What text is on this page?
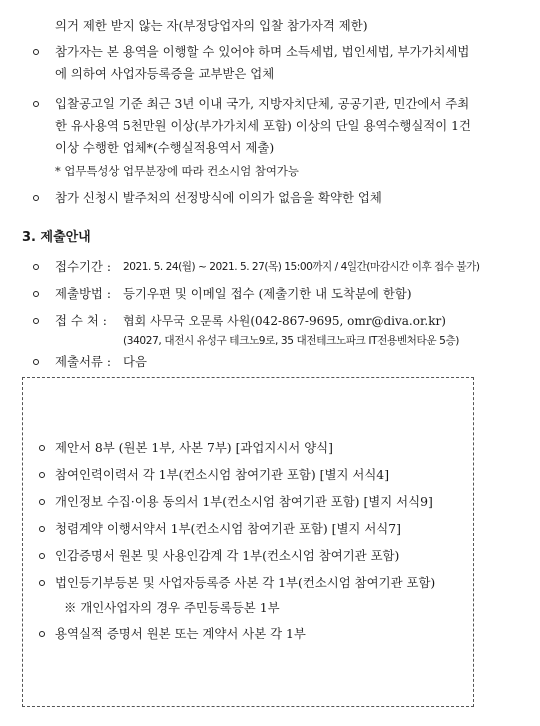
의거 제한 받지 않는 자(부정당업자의 입찰 참가자격 제한)
참가자는 본 용역을 이행할 수 있어야 하며 소득세법, 법인세법, 부가가치세법
에 의하여 사업자등록증을 교부받은 업체
입찰공고일 기준 최근 3년 이내 국가, 지방자치단체, 공공기관, 민간에서 주최
한 유사용역 5천만원 이상(부가가치세 포함) 이상의 단일 용역수행실적이 1건
이상 수행한 업체*(수행실적용역서 제출)
* 업무특성상 업무분장에 따라 컨소시엄 참여가능
참가 신청시 발주처의 선정방식에 이의가 없음을 확약한 업체
3. 제출안내
접수기간 : 2021. 5. 24(월) ~ 2021. 5. 27(목) 15:00까지 / 4일간(마감시간 이후 접수 불가)
제출방법 : 등기우편 및 이메일 접수 (제출기한 내 도착분에 한함)
접 수 처 : 협회 사무국 오문록 사원(042-867-9695, omr@diva.or.kr)
(34027, 대전시 유성구 테크노9로, 35 대전테크노파크 IT전용벤처타운 5층)
제출서류 : 다음
제안서 8부 (원본 1부, 사본 7부) [과업지시서 양식]
참여인력이력서 각 1부(컨소시엄 참여기관 포함) [별지 서식4]
개인정보 수집·이용 동의서 1부(컨소시엄 참여기관 포함) [별지 서식9]
청렴계약 이행서약서 1부(컨소시엄 참여기관 포함) [별지 서식7]
인감증명서 원본 및 사용인감계 각 1부(컨소시엄 참여기관 포함)
법인등기부등본 및 사업자등록증 사본 각 1부(컨소시엄 참여기관 포함)
※ 개인사업자의 경우 주민등록등본 1부
용역실적 증명서 원본 또는 계약서 사본 각 1부
